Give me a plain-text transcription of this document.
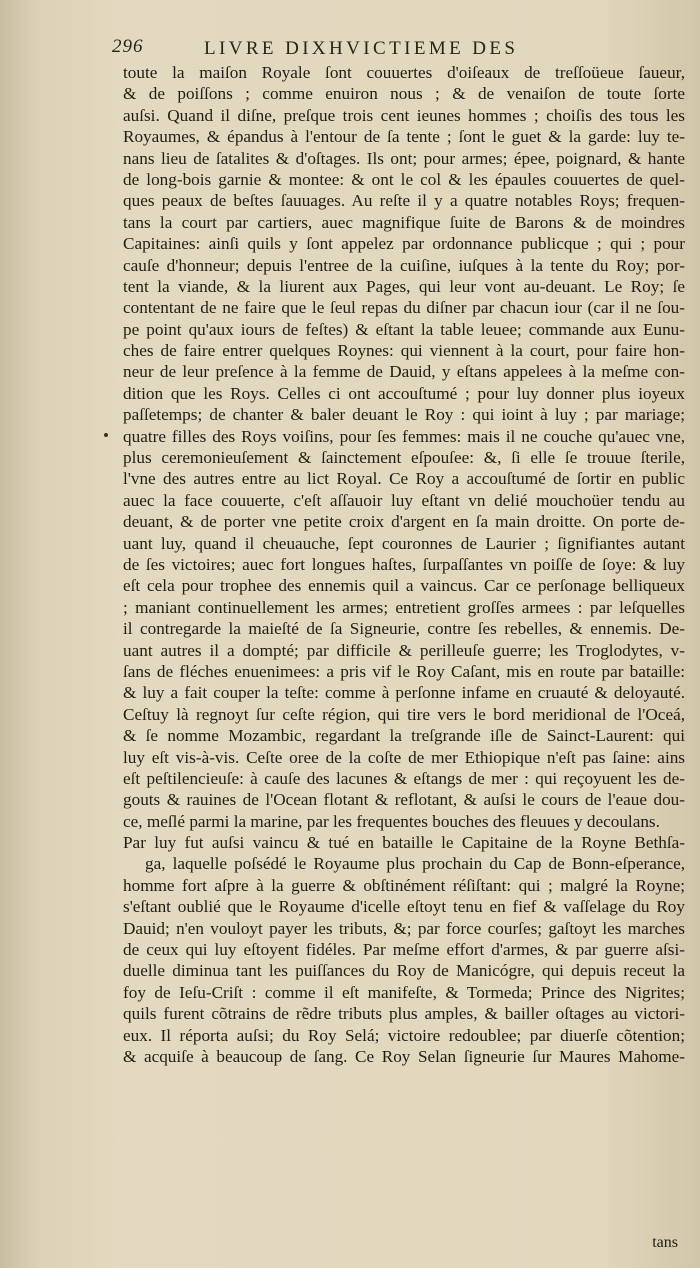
296	LIVRE DIXHVICTIEME DES
toute la maiſon Royale ſont couuertes d'oiſeaux de treſſoüeue ſaueur,
& de poiſſons ; comme enuiron nous ; & de venaiſon de toute ſorte
auſsi. Quand il diſne, preſque trois cent ieunes hommes ; choiſis des tous les
Royaumes, & épandus à l'entour de ſa tente ; ſont le guet & la garde: luy te-
nans lieu de ſatalites & d'oſtages. Ils ont; pour armes; épee, poignard, & hante
de long-bois garnie & montee: & ont le col & les épaules couuertes de quel-
ques peaux de beſtes ſauuages. Au reſte il y a quatre notables Roys; frequen-
tans la court par cartiers, auec magnifique ſuite de Barons & de moindres
Capitaines: ainſi quils y ſont appelez par ordonnance publicque ; qui ; pour
cauſe d'honneur; depuis l'entree de la cuiſine, iuſques à la tente du Roy; por-
tent la viande, & la liurent aux Pages, qui leur vont au-deuant. Le Roy; ſe
contentant de ne faire que le ſeul repas du diſner par chacun iour (car il ne ſou-
pe point qu'aux iours de feſtes) & eſtant la table leuee; commande aux Eunu-
ches de faire entrer quelques Roynes: qui viennent à la court, pour faire hon-
neur de leur preſence à la femme de Dauid, y eſtans appelees à la meſme con-
dition que les Roys. Celles ci ont accouſtumé ; pour luy donner plus ioyeux
paſſetemps; de chanter & baler deuant le Roy : qui ioint à luy ; par mariage;
quatre filles des Roys voiſins, pour ſes femmes: mais il ne couche qu'auec vne,
plus ceremonieuſement & ſainctement eſpouſee: &, ſi elle ſe trouue ſterile,
l'vne des autres entre au lict Royal. Ce Roy a accouſtumé de ſortir en public
auec la face couuerte, c'eſt aſſauoir luy eſtant vn delié mouchoüer tendu au
deuant, & de porter vne petite croix d'argent en ſa main droitte. On porte de-
uant luy, quand il cheuauche, ſept couronnes de Laurier ; ſignifiantes autant
de ſes victoires; auec fort longues haſtes, ſurpaſſantes vn poiſſe de ſoye: & luy
eſt cela pour trophee des ennemis quil a vaincus. Car ce perſonage belliqueux
; maniant continuellement les armes; entretient groſſes armees : par leſquelles
il contregarde la maieſté de ſa Signeurie, contre ſes rebelles, & ennemis. De-
uant autres il a dompté; par difficile & perilleuſe guerre; les Troglodytes, v-
ſans de fléches enuenimees: a pris vif le Roy Caſant, mis en route par bataille:
& luy a fait couper la teſte: comme à perſonne infame en cruauté & deloyauté.
Ceſtuy là regnoyt ſur ceſte région, qui tire vers le bord meridional de l'Oceá,
& ſe nomme Mozambic, regardant la treſgrande iſle de Sainct-Laurent: qui
luy eſt vis-à-vis. Ceſte oree de la coſte de mer Ethiopique n'eſt pas ſaine: ains
eſt peſtilencieuſe: à cauſe des lacunes & eſtangs de mer : qui reçoyuent les de-
gouts & rauines de l'Ocean flotant & reflotant, & auſsi le cours de l'eaue dou-
ce, meſlé parmi la marine, par les frequentes bouches des fleuues y decoulans.
Par luy fut auſsi vaincu & tué en bataille le Capitaine de la Royne Bethſa-
ga, laquelle poſsédé le Royaume plus prochain du Cap de Bonn-eſperance,
homme fort aſpre à la guerre & obſtinément réſiſtant: qui ; malgré la Royne;
s'eſtant oublié que le Royaume d'icelle eſtoyt tenu en fief & vaſſelage du Roy
Dauid; n'en vouloyt payer les tributs, &; par force courſes; gaſtoyt les marches
de ceux qui luy eſtoyent fidéles. Par meſme effort d'armes, & par guerre aſsi-
duelle diminua tant les puiſſances du Roy de Manicógre, qui depuis receut la
foy de Ieſu-Criſt : comme il eſt manifeſte, & Tormeda; Prince des Nigrites;
quils furent cõtrains de rẽdre tributs plus amples, & bailler oſtages au victori-
eux. Il réporta auſsi; du Roy Selá; victoire redoublee; par diuerſe cõtention;
& acquiſe à beaucoup de ſang. Ce Roy Selan ſigneurie ſur Maures Mahome-
tans
